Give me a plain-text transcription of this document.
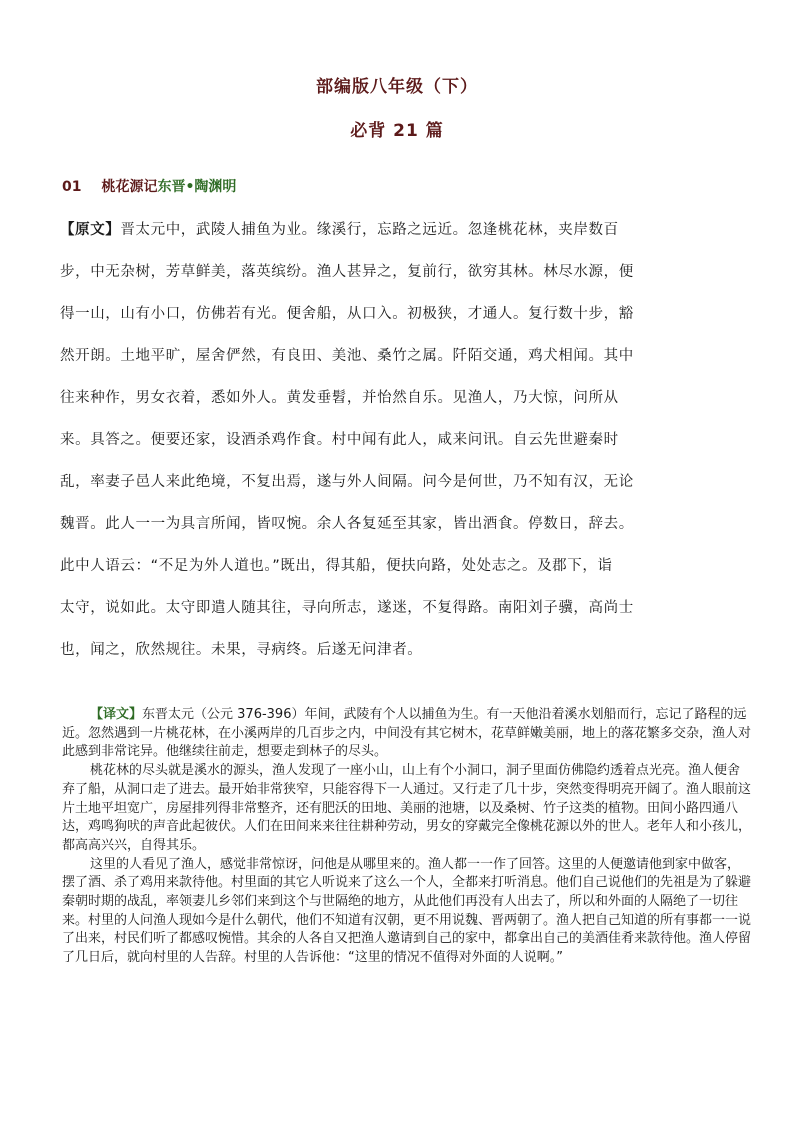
部编版八年级（下）
必背 21 篇
01 桃花源记东晋•陶渊明
【原文】晋太元中，武陵人捕鱼为业。缘溪行，忘路之远近。忽逢桃花林，夹岸数百
步，中无杂树，芳草鲜美，落英缤纷。渔人甚异之，复前行，欲穷其林。林尽水源，便
得一山，山有小口，仿佛若有光。便舍船，从口入。初极狭，才通人。复行数十步，豁
然开朗。土地平旷，屋舍俨然，有良田、美池、桑竹之属。阡陌交通，鸡犬相闻。其中
往来种作，男女衣着，悉如外人。黄发垂髫，并怡然自乐。见渔人，乃大惊，问所从
来。具答之。便要还家，设酒杀鸡作食。村中闻有此人，咸来问讯。自云先世避秦时
乱，率妻子邑人来此绝境，不复出焉，遂与外人间隔。问今是何世，乃不知有汉，无论
魏晋。此人一一为具言所闻，皆叹惋。余人各复延至其家，皆出酒食。停数日，辞去。
此中人语云：“不足为外人道也。”既出，得其船，便扶向路，处处志之。及郡下，诣
太守，说如此。太守即遣人随其往，寻向所志，遂迷，不复得路。南阳刘子骥，高尚士
也，闻之，欣然规往。未果，寻病终。后遂无问津者。

【译文】东晋太元（公元 376-396）年间，武陵有个人以捕鱼为生。有一天他沿着溪水划船而行，忘记了路程的远近。忽然遇到一片桃花林，在小溪两岸的几百步之内，中间没有其它树木，花草鲜嫩美丽，地上的落花繁多交杂，渔人对此感到非常诧异。他继续往前走，想要走到林子的尽头。

桃花林的尽头就是溪水的源头，渔人发现了一座小山，山上有个小洞口，洞子里面仿佛隐约透着点光亮。渔人便舍弃了船，从洞口走了进去。最开始非常狭窄，只能容得下一人通过。又行走了几十步，突然变得明亮开阔了。渔人眼前这片土地平坦宽广，房屋排列得非常整齐，还有肥沃的田地、美丽的池塘，以及桑树、竹子这类的植物。田间小路四通八达，鸡鸣狗吠的声音此起彼伏。人们在田间来来往往耕种劳动，男女的穿戴完全像桃花源以外的世人。老年人和小孩儿，都高高兴兴，自得其乐。

这里的人看见了渔人，感觉非常惊讶，问他是从哪里来的。渔人都一一作了回答。这里的人便邀请他到家中做客，摆了酒、杀了鸡用来款待他。村里面的其它人听说来了这么一个人，全都来打听消息。他们自己说他们的先祖是为了躲避秦朝时期的战乱，率领妻儿乡邻们来到这个与世隔绝的地方，从此他们再没有人出去了，所以和外面的人隔绝了一切往来。村里的人问渔人现如今是什么朝代，他们不知道有汉朝，更不用说魏、晋两朝了。渔人把自己知道的所有事都一一说了出来，村民们听了都感叹惋惜。其余的人各自又把渔人邀请到自己的家中，都拿出自己的美酒佳肴来款待他。渔人停留了几日后，就向村里的人告辞。村里的人告诉他：“这里的情况不值得对外面的人说啊。”
